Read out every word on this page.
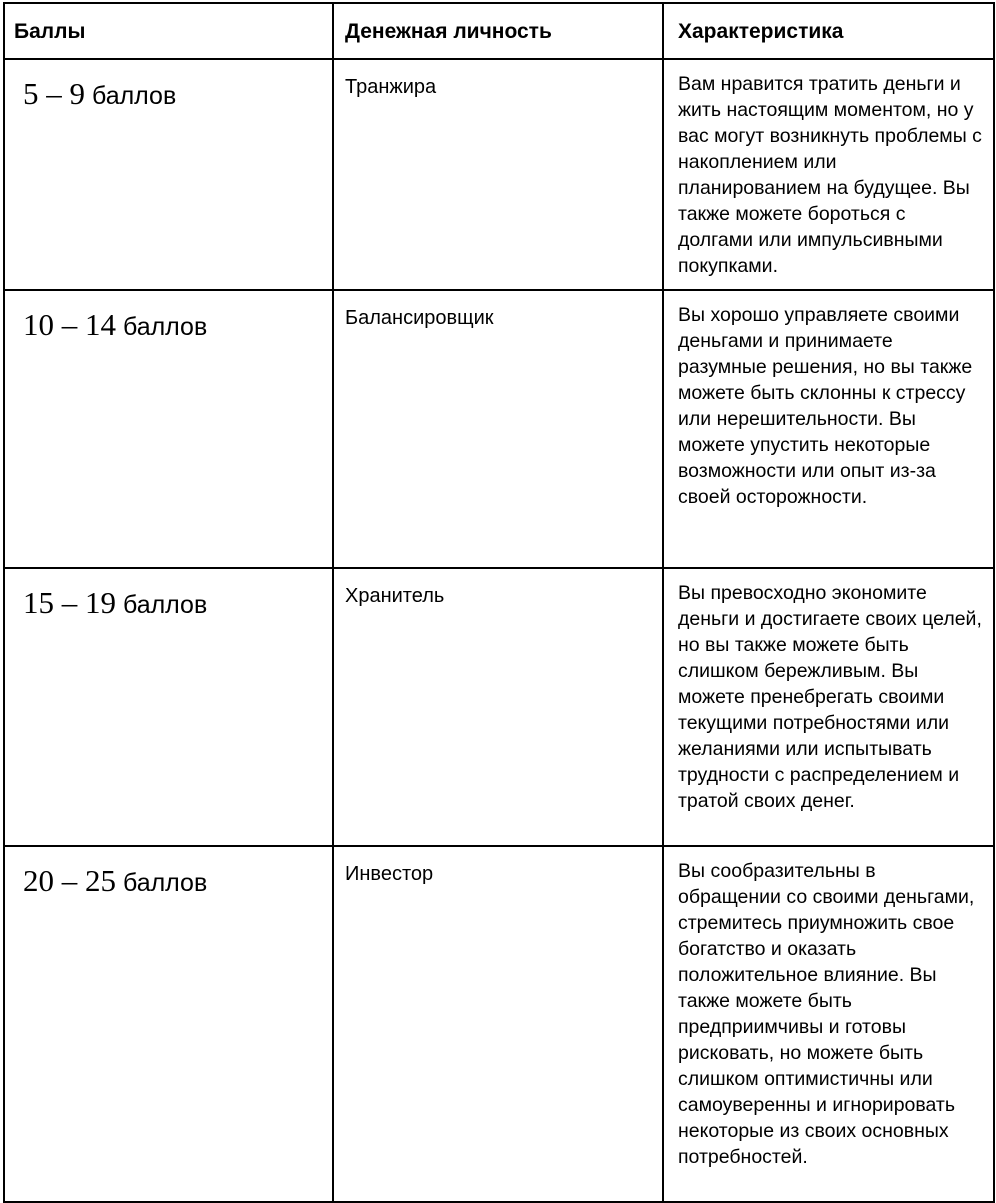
Баллы	Денежная личность	Характеристика

5 – 9 баллов	Транжира	Вам нравится тратить деньги и жить настоящим моментом, но у вас могут возникнуть проблемы с накоплением или планированием на будущее. Вы также можете бороться с долгами или импульсивными покупками.

10 – 14 баллов	Балансировщик	Вы хорошо управляете своими деньгами и принимаете разумные решения, но вы также можете быть склонны к стрессу или нерешительности. Вы можете упустить некоторые возможности или опыт из-за своей осторожности.

15 – 19 баллов	Хранитель	Вы превосходно экономите деньги и достигаете своих целей, но вы также можете быть слишком бережливым. Вы можете пренебрегать своими текущими потребностями или желаниями или испытывать трудности с распределением и тратой своих денег.

20 – 25 баллов	Инвестор	Вы сообразительны в обращении со своими деньгами, стремитесь приумножить свое богатство и оказать положительное влияние. Вы также можете быть предприимчивы и готовы рисковать, но можете быть слишком оптимистичны или самоуверенны и игнорировать некоторые из своих основных потребностей.
